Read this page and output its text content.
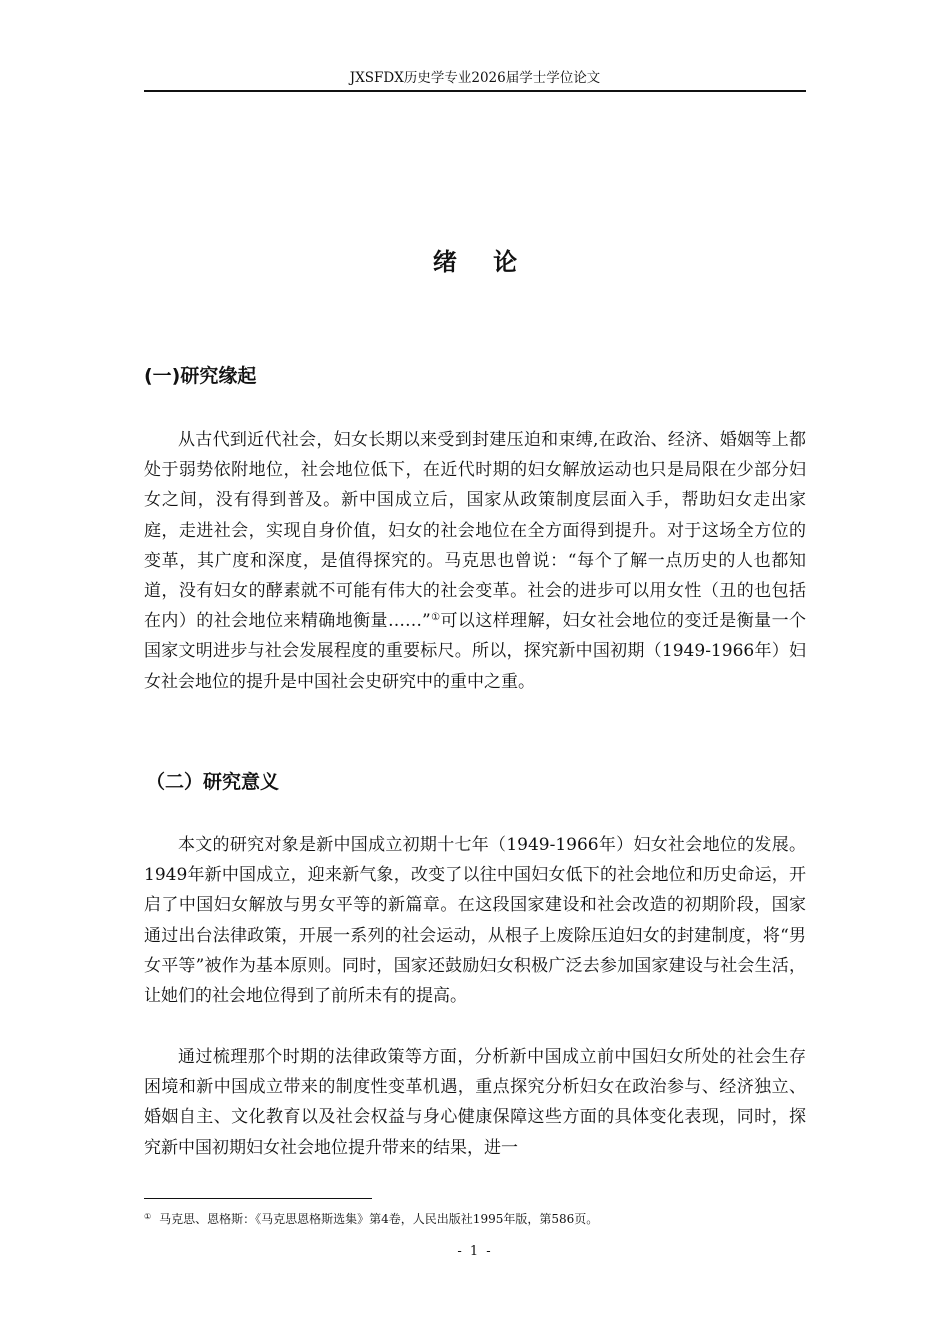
JXSFDX历史学专业2026届学士学位论文
绪 论
(一)研究缘起

从古代到近代社会，妇女长期以来受到封建压迫和束缚,在政治、经济、婚姻等上都处于弱势依附地位，社会地位低下，在近代时期的妇女解放运动也只是局限在少部分妇女之间，没有得到普及。新中国成立后，国家从政策制度层面入手，帮助妇女走出家庭，走进社会，实现自身价值，妇女的社会地位在全方面得到提升。对于这场全方位的变革，其广度和深度，是值得探究的。马克思也曾说：“每个了解一点历史的人也都知道，没有妇女的酵素就不可能有伟大的社会变革。社会的进步可以用女性（丑的也包括在内）的社会地位来精确地衡量……”①可以这样理解，妇女社会地位的变迁是衡量一个国家文明进步与社会发展程度的重要标尺。所以，探究新中国初期（1949-1966年）妇女社会地位的提升是中国社会史研究中的重中之重。

（二）研究意义

本文的研究对象是新中国成立初期十七年（1949-1966年）妇女社会地位的发展。1949年新中国成立，迎来新气象，改变了以往中国妇女低下的社会地位和历史命运，开启了中国妇女解放与男女平等的新篇章。在这段国家建设和社会改造的初期阶段，国家通过出台法律政策，开展一系列的社会运动，从根子上废除压迫妇女的封建制度，将“男女平等”被作为基本原则。同时，国家还鼓励妇女积极广泛去参加国家建设与社会生活，让她们的社会地位得到了前所未有的提高。

通过梳理那个时期的法律政策等方面，分析新中国成立前中国妇女所处的社会生存困境和新中国成立带来的制度性变革机遇，重点探究分析妇女在政治参与、经济独立、婚姻自主、文化教育以及社会权益与身心健康保障这些方面的具体变化表现，同时，探究新中国初期妇女社会地位提升带来的结果，进一

① 马克思、恩格斯：《马克思恩格斯选集》第4卷，人民出版社1995年版，第586页。
- 1 -
